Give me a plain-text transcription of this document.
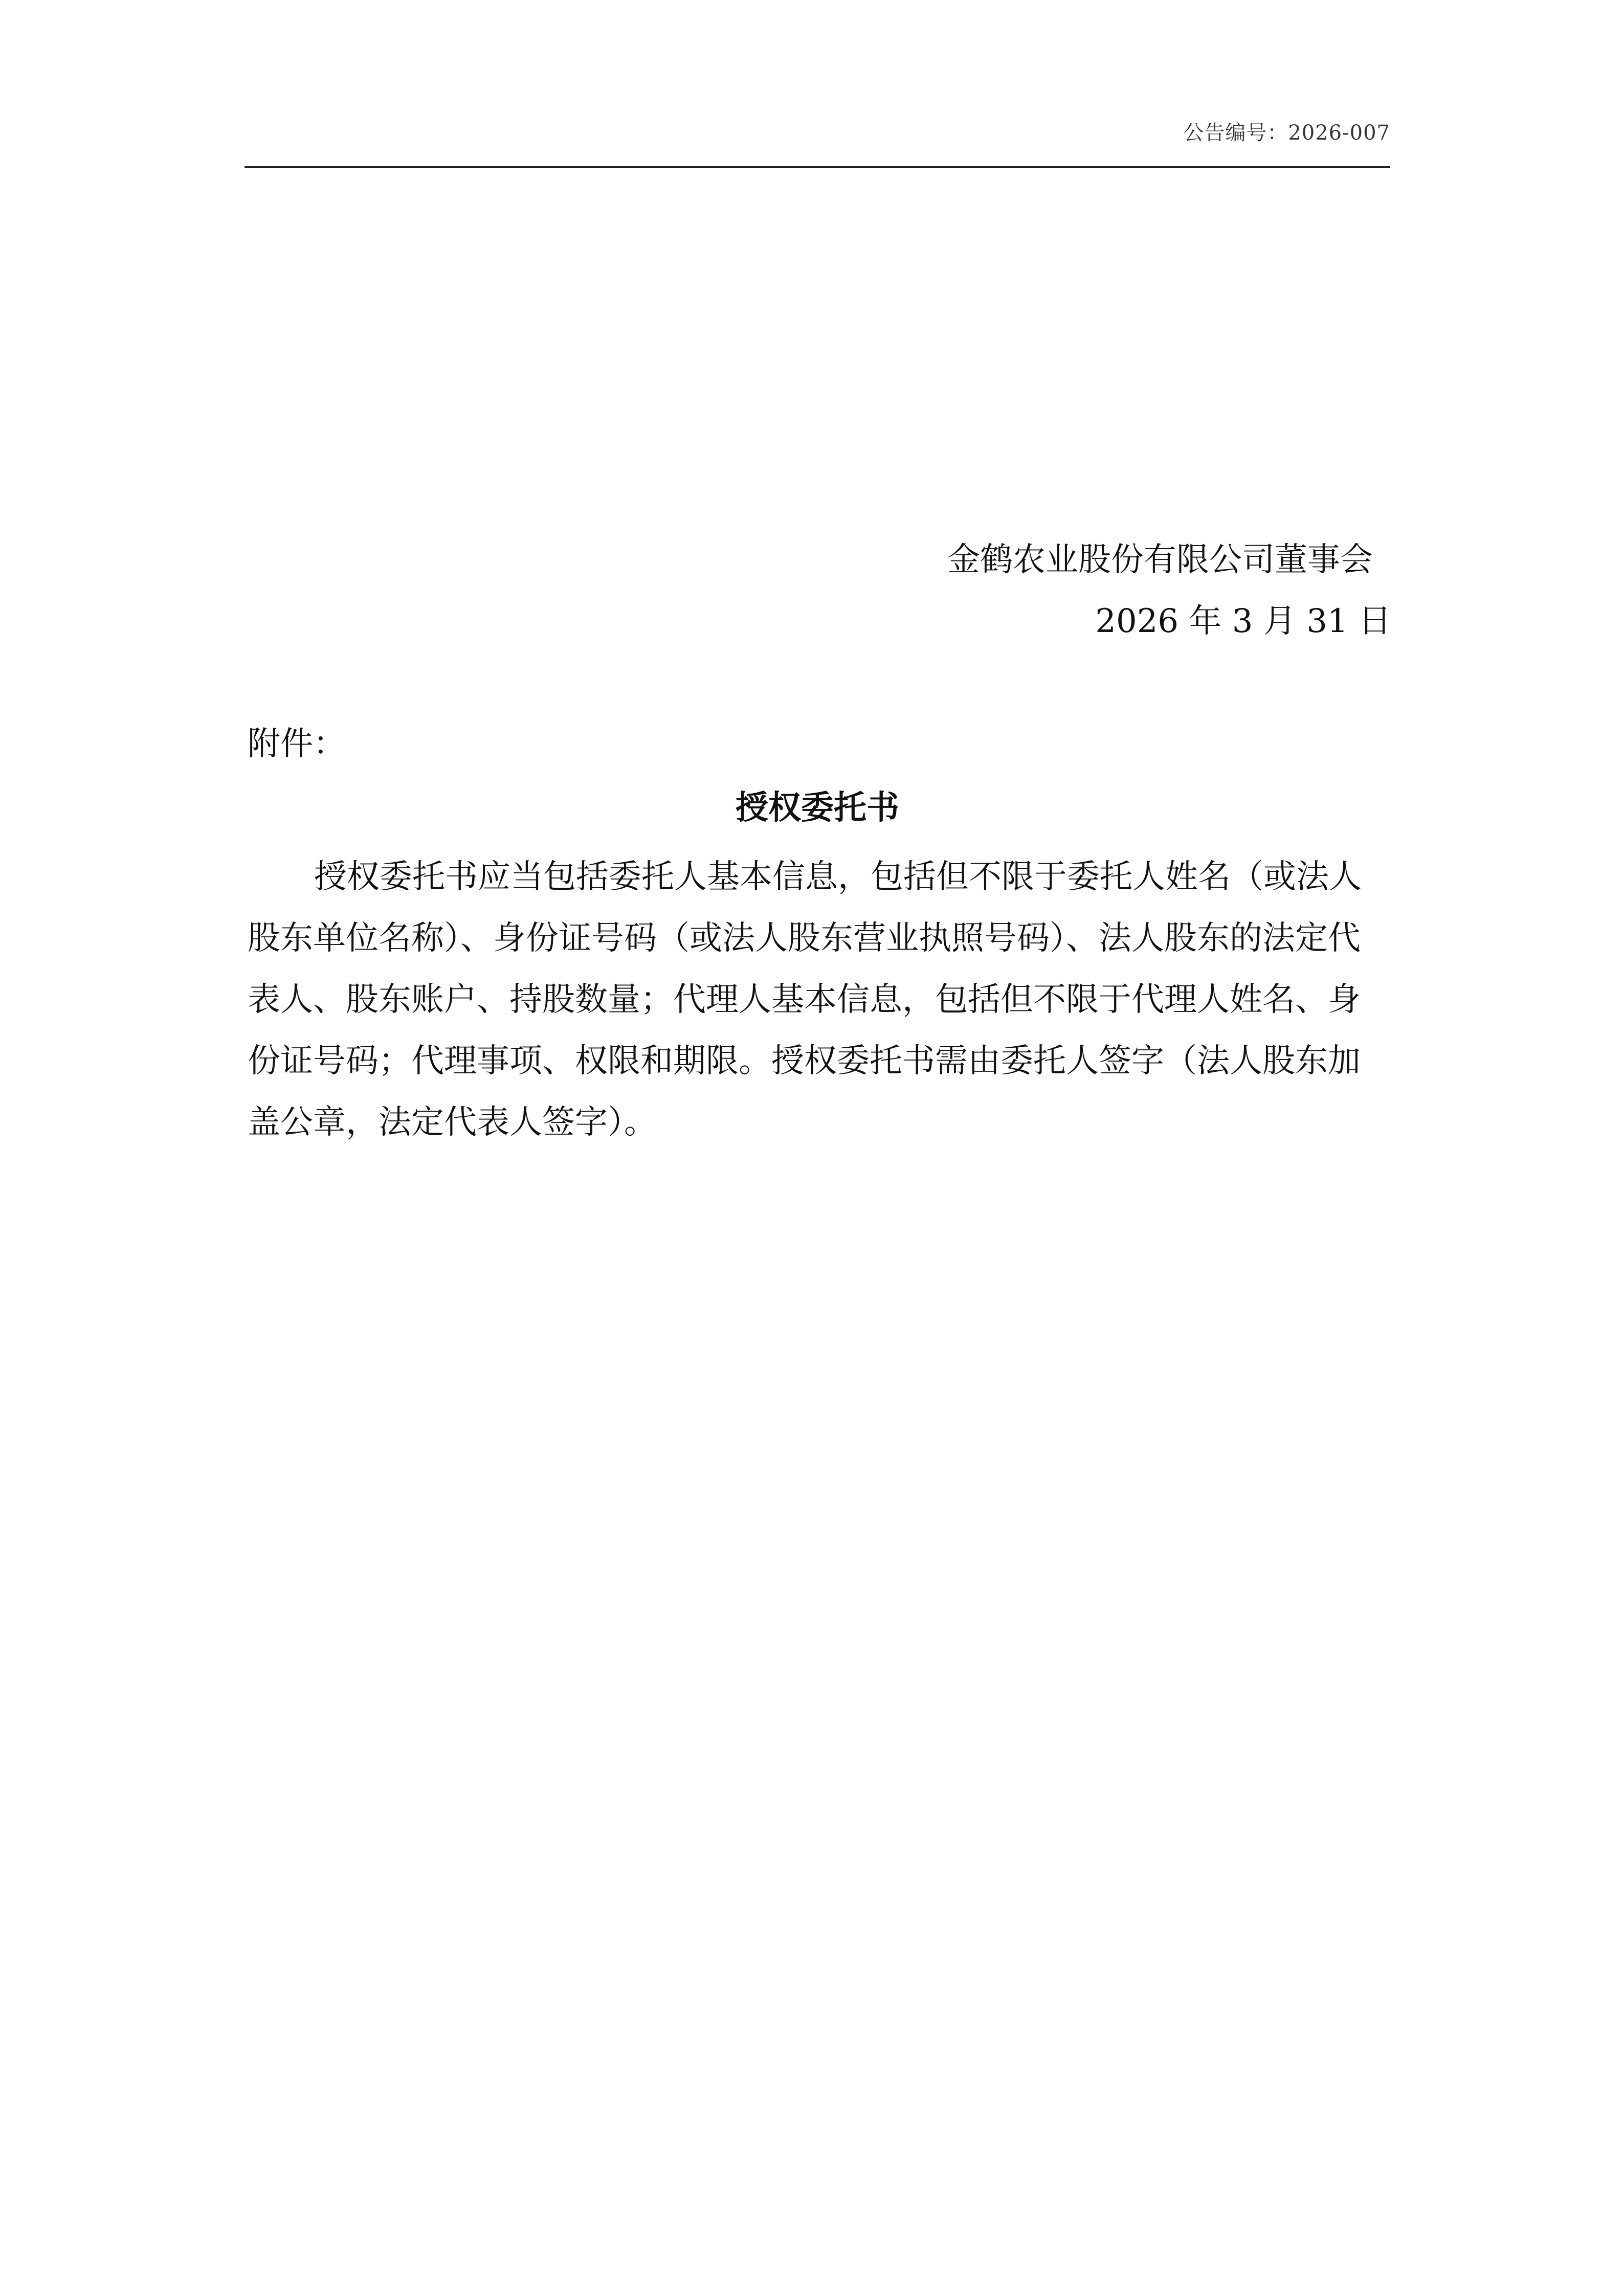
公告编号：2026-007
金鹤农业股份有限公司董事会
2026 年 3 月 31 日
附件：
授权委托书
授权委托书应当包括委托人基本信息，包括但不限于委托人姓名（或法人
股东单位名称）、身份证号码（或法人股东营业执照号码）、法人股东的法定代
表人、股东账户、持股数量；代理人基本信息，包括但不限于代理人姓名、身
份证号码；代理事项、权限和期限。授权委托书需由委托人签字（法人股东加
盖公章，法定代表人签字）。
